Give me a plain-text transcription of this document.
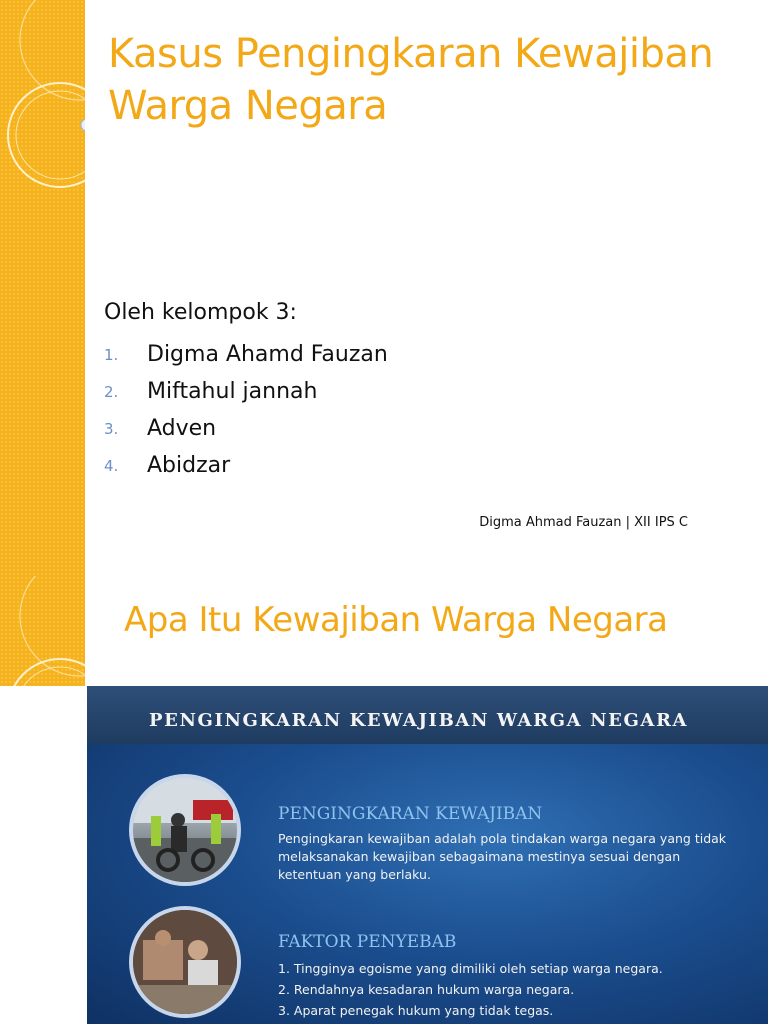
Kasus Pengingkaran Kewajiban Warga Negara
Oleh kelompok 3:
1.	Digma Ahamd Fauzan
2.	Miftahul jannah
3.	Adven
4.	Abidzar
Digma Ahmad Fauzan | XII IPS C
Apa Itu Kewajiban Warga Negara
PENGINGKARAN KEWAJIBAN WARGA NEGARA
PENGINGKARAN KEWAJIBAN
Pengingkaran kewajiban adalah pola tindakan warga negara yang tidak melaksanakan kewajiban sebagaimana mestinya sesuai dengan ketentuan yang berlaku.
FAKTOR PENYEBAB
1. Tingginya egoisme yang dimiliki oleh setiap warga negara.
2. Rendahnya kesadaran hukum warga negara.
3. Aparat penegak hukum yang tidak tegas.
